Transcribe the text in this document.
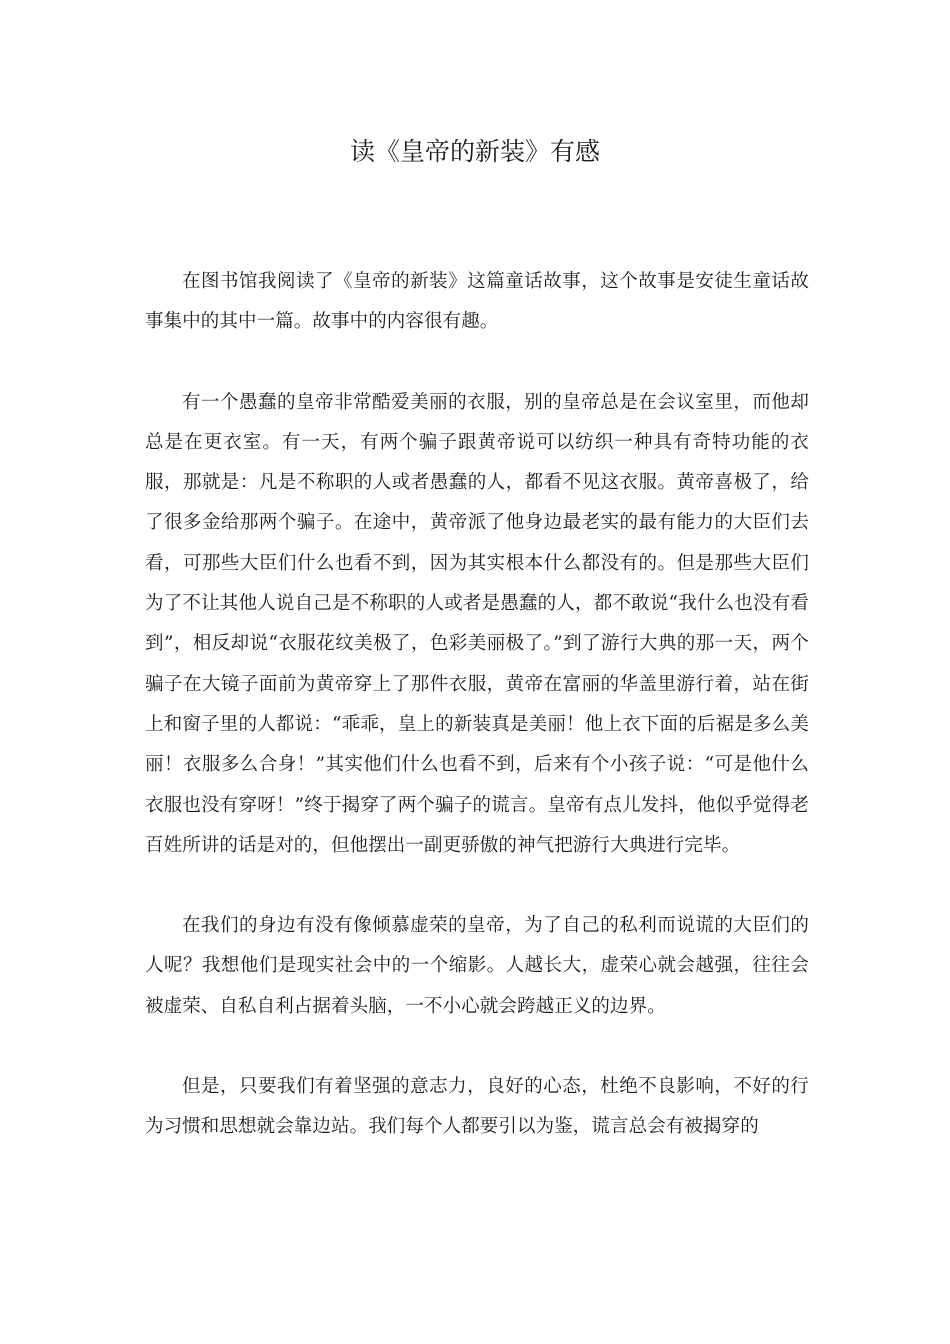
读《皇帝的新装》有感

在图书馆我阅读了《皇帝的新装》这篇童话故事，这个故事是安徒生童话故事集中的其中一篇。故事中的内容很有趣。

有一个愚蠢的皇帝非常酷爱美丽的衣服，别的皇帝总是在会议室里，而他却总是在更衣室。有一天，有两个骗子跟黄帝说可以纺织一种具有奇特功能的衣服，那就是：凡是不称职的人或者愚蠢的人，都看不见这衣服。黄帝喜极了，给了很多金给那两个骗子。在途中，黄帝派了他身边最老实的最有能力的大臣们去看，可那些大臣们什么也看不到，因为其实根本什么都没有的。但是那些大臣们为了不让其他人说自己是不称职的人或者是愚蠢的人，都不敢说“我什么也没有看到”，相反却说“衣服花纹美极了，色彩美丽极了。”到了游行大典的那一天，两个骗子在大镜子面前为黄帝穿上了那件衣服，黄帝在富丽的华盖里游行着，站在街上和窗子里的人都说：“乖乖，皇上的新装真是美丽！他上衣下面的后裾是多么美丽！衣服多么合身！”其实他们什么也看不到，后来有个小孩子说：“可是他什么衣服也没有穿呀！”终于揭穿了两个骗子的谎言。皇帝有点儿发抖，他似乎觉得老百姓所讲的话是对的，但他摆出一副更骄傲的神气把游行大典进行完毕。

在我们的身边有没有像倾慕虚荣的皇帝，为了自己的私利而说谎的大臣们的人呢？我想他们是现实社会中的一个缩影。人越长大，虚荣心就会越强，往往会被虚荣、自私自利占据着头脑，一不小心就会跨越正义的边界。

但是，只要我们有着坚强的意志力，良好的心态，杜绝不良影响，不好的行为习惯和思想就会靠边站。我们每个人都要引以为鉴，谎言总会有被揭穿的
